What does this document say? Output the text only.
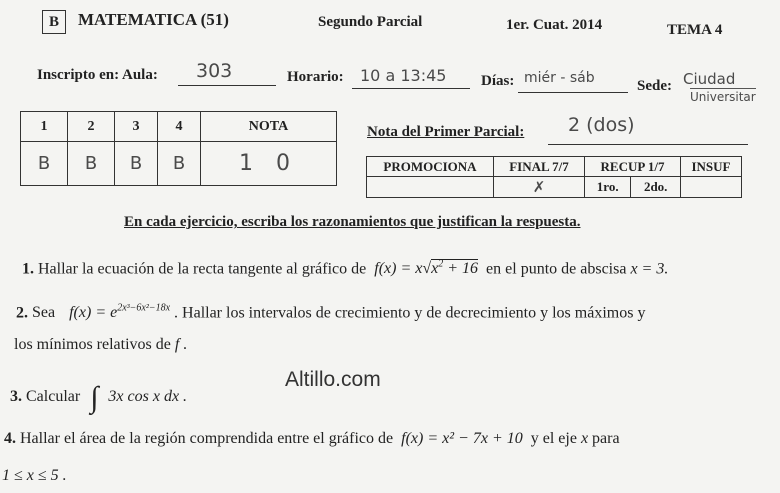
B	MATEMATICA (51)	Segundo Parcial	1er. Cuat. 2014	TEMA 4
Inscripto en: Aula: 303	Horario: 10 a 13:45 Días: miér - sáb	Sede: Ciudad
Universitar
1	2	3	4	NOTA
B	B	B	B	1 0
Nota del Primer Parcial: 2 (dos)
PROMOCIONA	FINAL 7/7	RECUP 1/7		INSUF
	✗	1ro.	2do.	
En cada ejercicio, escriba los razonamientos que justifican la respuesta.
1. Hallar la ecuación de la recta tangente al gráfico de $f(x) = x√x^2 + 16$ en el punto de abscisa x = 3.
2. Sea $f(x) = e^{2x^3-6x^2-18x}$ . Hallar los intervalos de crecimiento y de decrecimiento y los máximos y
los mínimos relativos de f .
3. Calcular ∫ 3x cos x dx .
Altillo.com
4. Hallar el área de la región comprendida entre el gráfico de f(x) = x² − 7x + 10 y el eje x para
1 ≤ x ≤ 5 .
